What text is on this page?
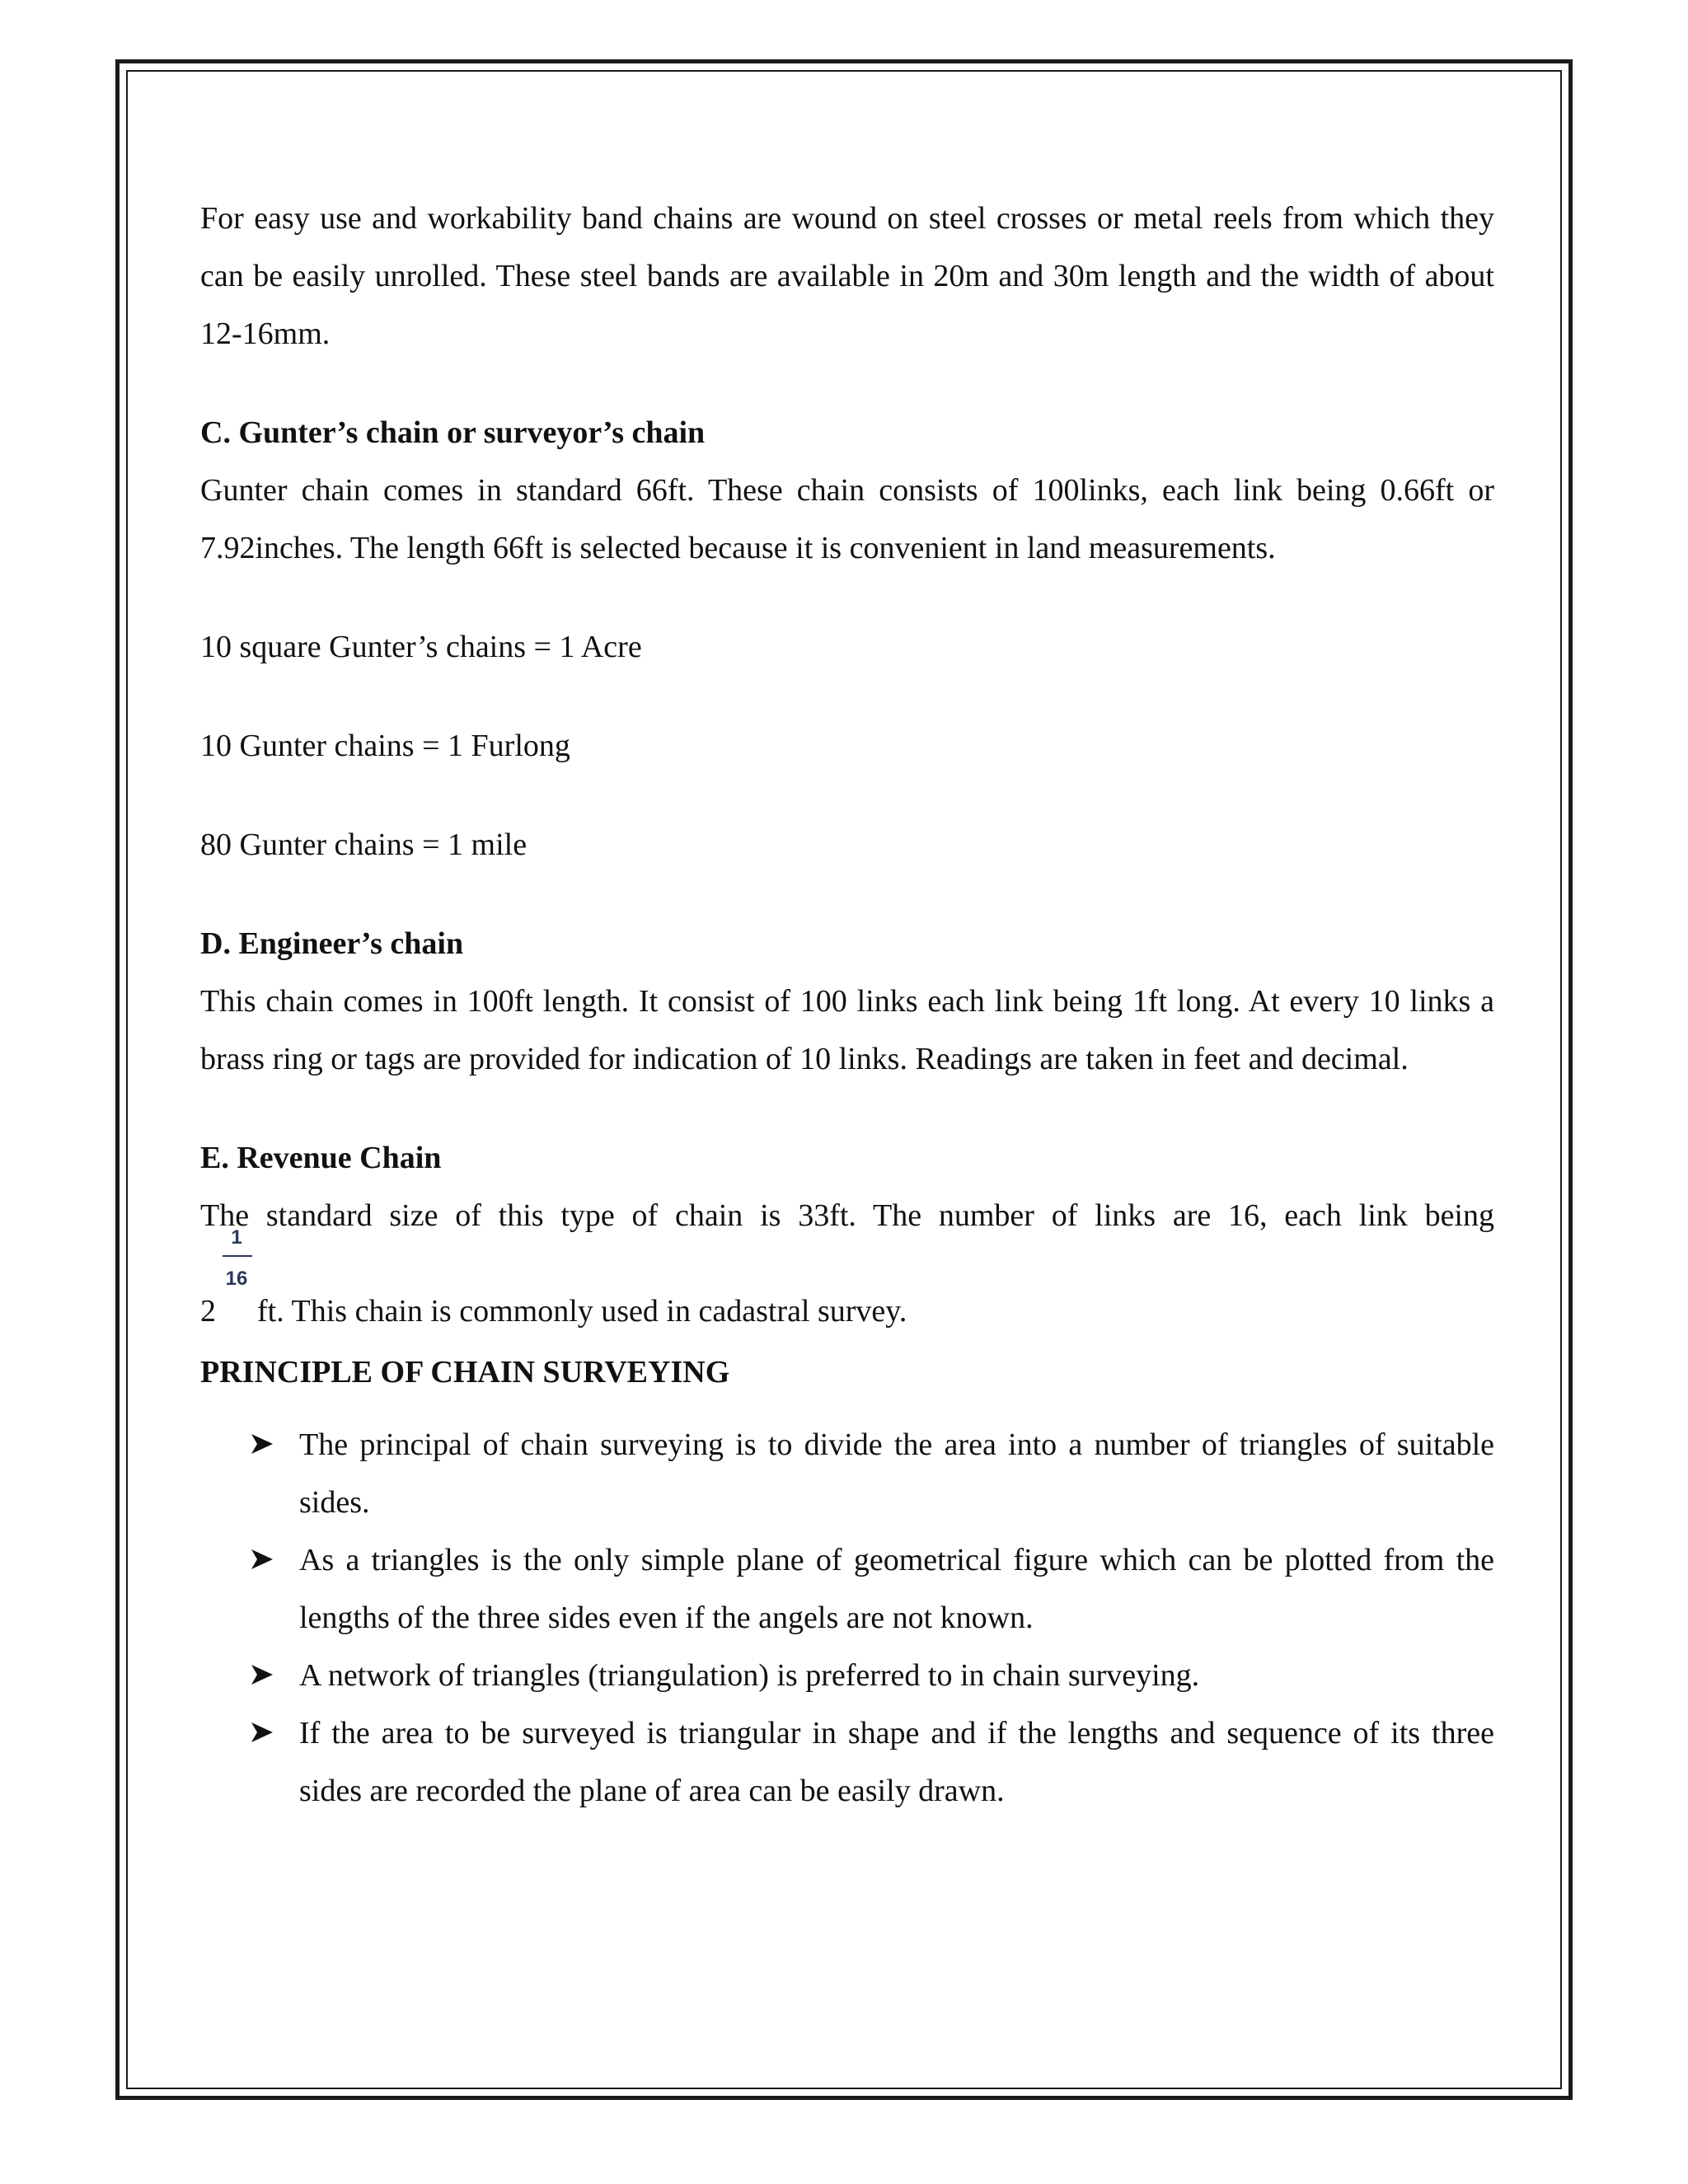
For easy use and workability band chains are wound on steel crosses or metal reels from which they can be easily unrolled. These steel bands are available in 20m and 30m length and the width of about 12-16mm.

C. Gunter’s chain or surveyor’s chain

Gunter chain comes in standard 66ft. These chain consists of 100links, each link being 0.66ft or 7.92inches. The length 66ft is selected because it is convenient in land measurements.

10 square Gunter’s chains = 1 Acre

10 Gunter chains = 1 Furlong

80 Gunter chains = 1 mile

D. Engineer’s chain

This chain comes in 100ft length. It consist of 100 links each link being 1ft long. At every 10 links a brass ring or tags are provided for indication of 10 links. Readings are taken in feet and decimal.

E. Revenue Chain

The standard size of this type of chain is 33ft. The number of links are 16, each link being

$2 \frac{1}{16}$ ft. This chain is commonly used in cadastral survey.

PRINCIPLE OF CHAIN SURVEYING

The principal of chain surveying is to divide the area into a number of triangles of suitable sides.
As a triangles is the only simple plane of geometrical figure which can be plotted from the lengths of the three sides even if the angels are not known.
A network of triangles (triangulation) is preferred to in chain surveying.
If the area to be surveyed is triangular in shape and if the lengths and sequence of its three sides are recorded the plane of area can be easily drawn.
